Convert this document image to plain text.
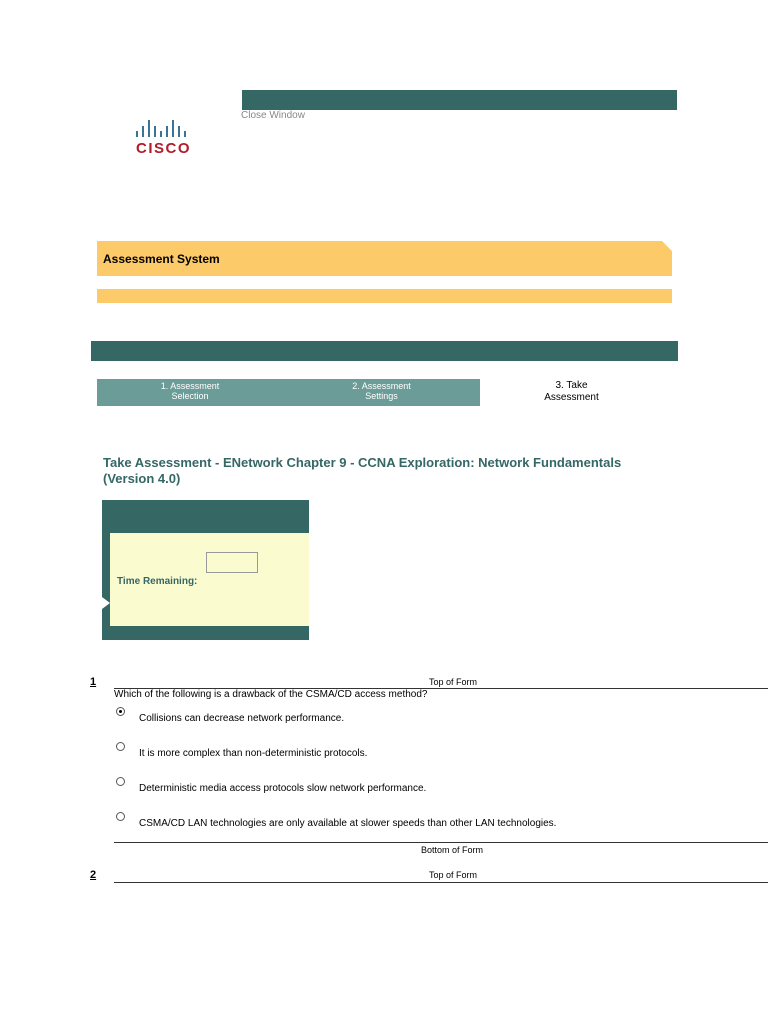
Close Window
CISCO
Assessment System
1. Assessment
Selection
2. Assessment
Settings
3. Take
Assessment
Take Assessment - ENetwork Chapter 9 - CCNA Exploration: Network Fundamentals
(Version 4.0)
Time Remaining:
1	Top of Form
Which of the following is a drawback of the CSMA/CD access method?
Collisions can decrease network performance.
It is more complex than non-deterministic protocols.
Deterministic media access protocols slow network performance.
CSMA/CD LAN technologies are only available at slower speeds than other LAN technologies.
Bottom of Form
2	Top of Form
